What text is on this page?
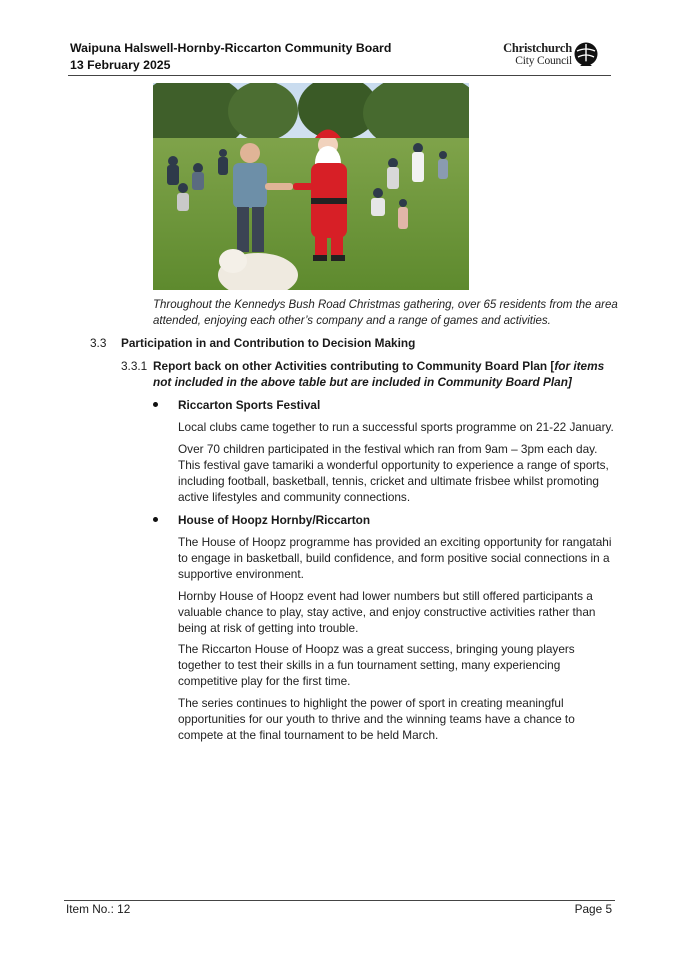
Waipuna Halswell-Hornby-Riccarton Community Board
13 February 2025
Christchurch
City Council
Throughout the Kennedys Bush Road Christmas gathering, over 65 residents from the area attended, enjoying each other’s company and a range of games and activities.
3.3 Participation in and Contribution to Decision Making
3.3.1 Report back on other Activities contributing to Community Board Plan [for items not included in the above table but are included in Community Board Plan]
Riccarton Sports Festival
Local clubs came together to run a successful sports programme on 21-22 January.
Over 70 children participated in the festival which ran from 9am – 3pm each day. This festival gave tamariki a wonderful opportunity to experience a range of sports, including football, basketball, tennis, cricket and ultimate frisbee whilst promoting active lifestyles and community connections.
House of Hoopz Hornby/Riccarton
The House of Hoopz programme has provided an exciting opportunity for rangatahi to engage in basketball, build confidence, and form positive social connections in a supportive environment.
Hornby House of Hoopz event had lower numbers but still offered participants a valuable chance to play, stay active, and enjoy constructive activities rather than being at risk of getting into trouble.
The Riccarton House of Hoopz was a great success, bringing young players together to test their skills in a fun tournament setting, many experiencing competitive play for the first time.
The series continues to highlight the power of sport in creating meaningful opportunities for our youth to thrive and the winning teams have a chance to compete at the final tournament to be held March.
Item No.: 12	Page 5
